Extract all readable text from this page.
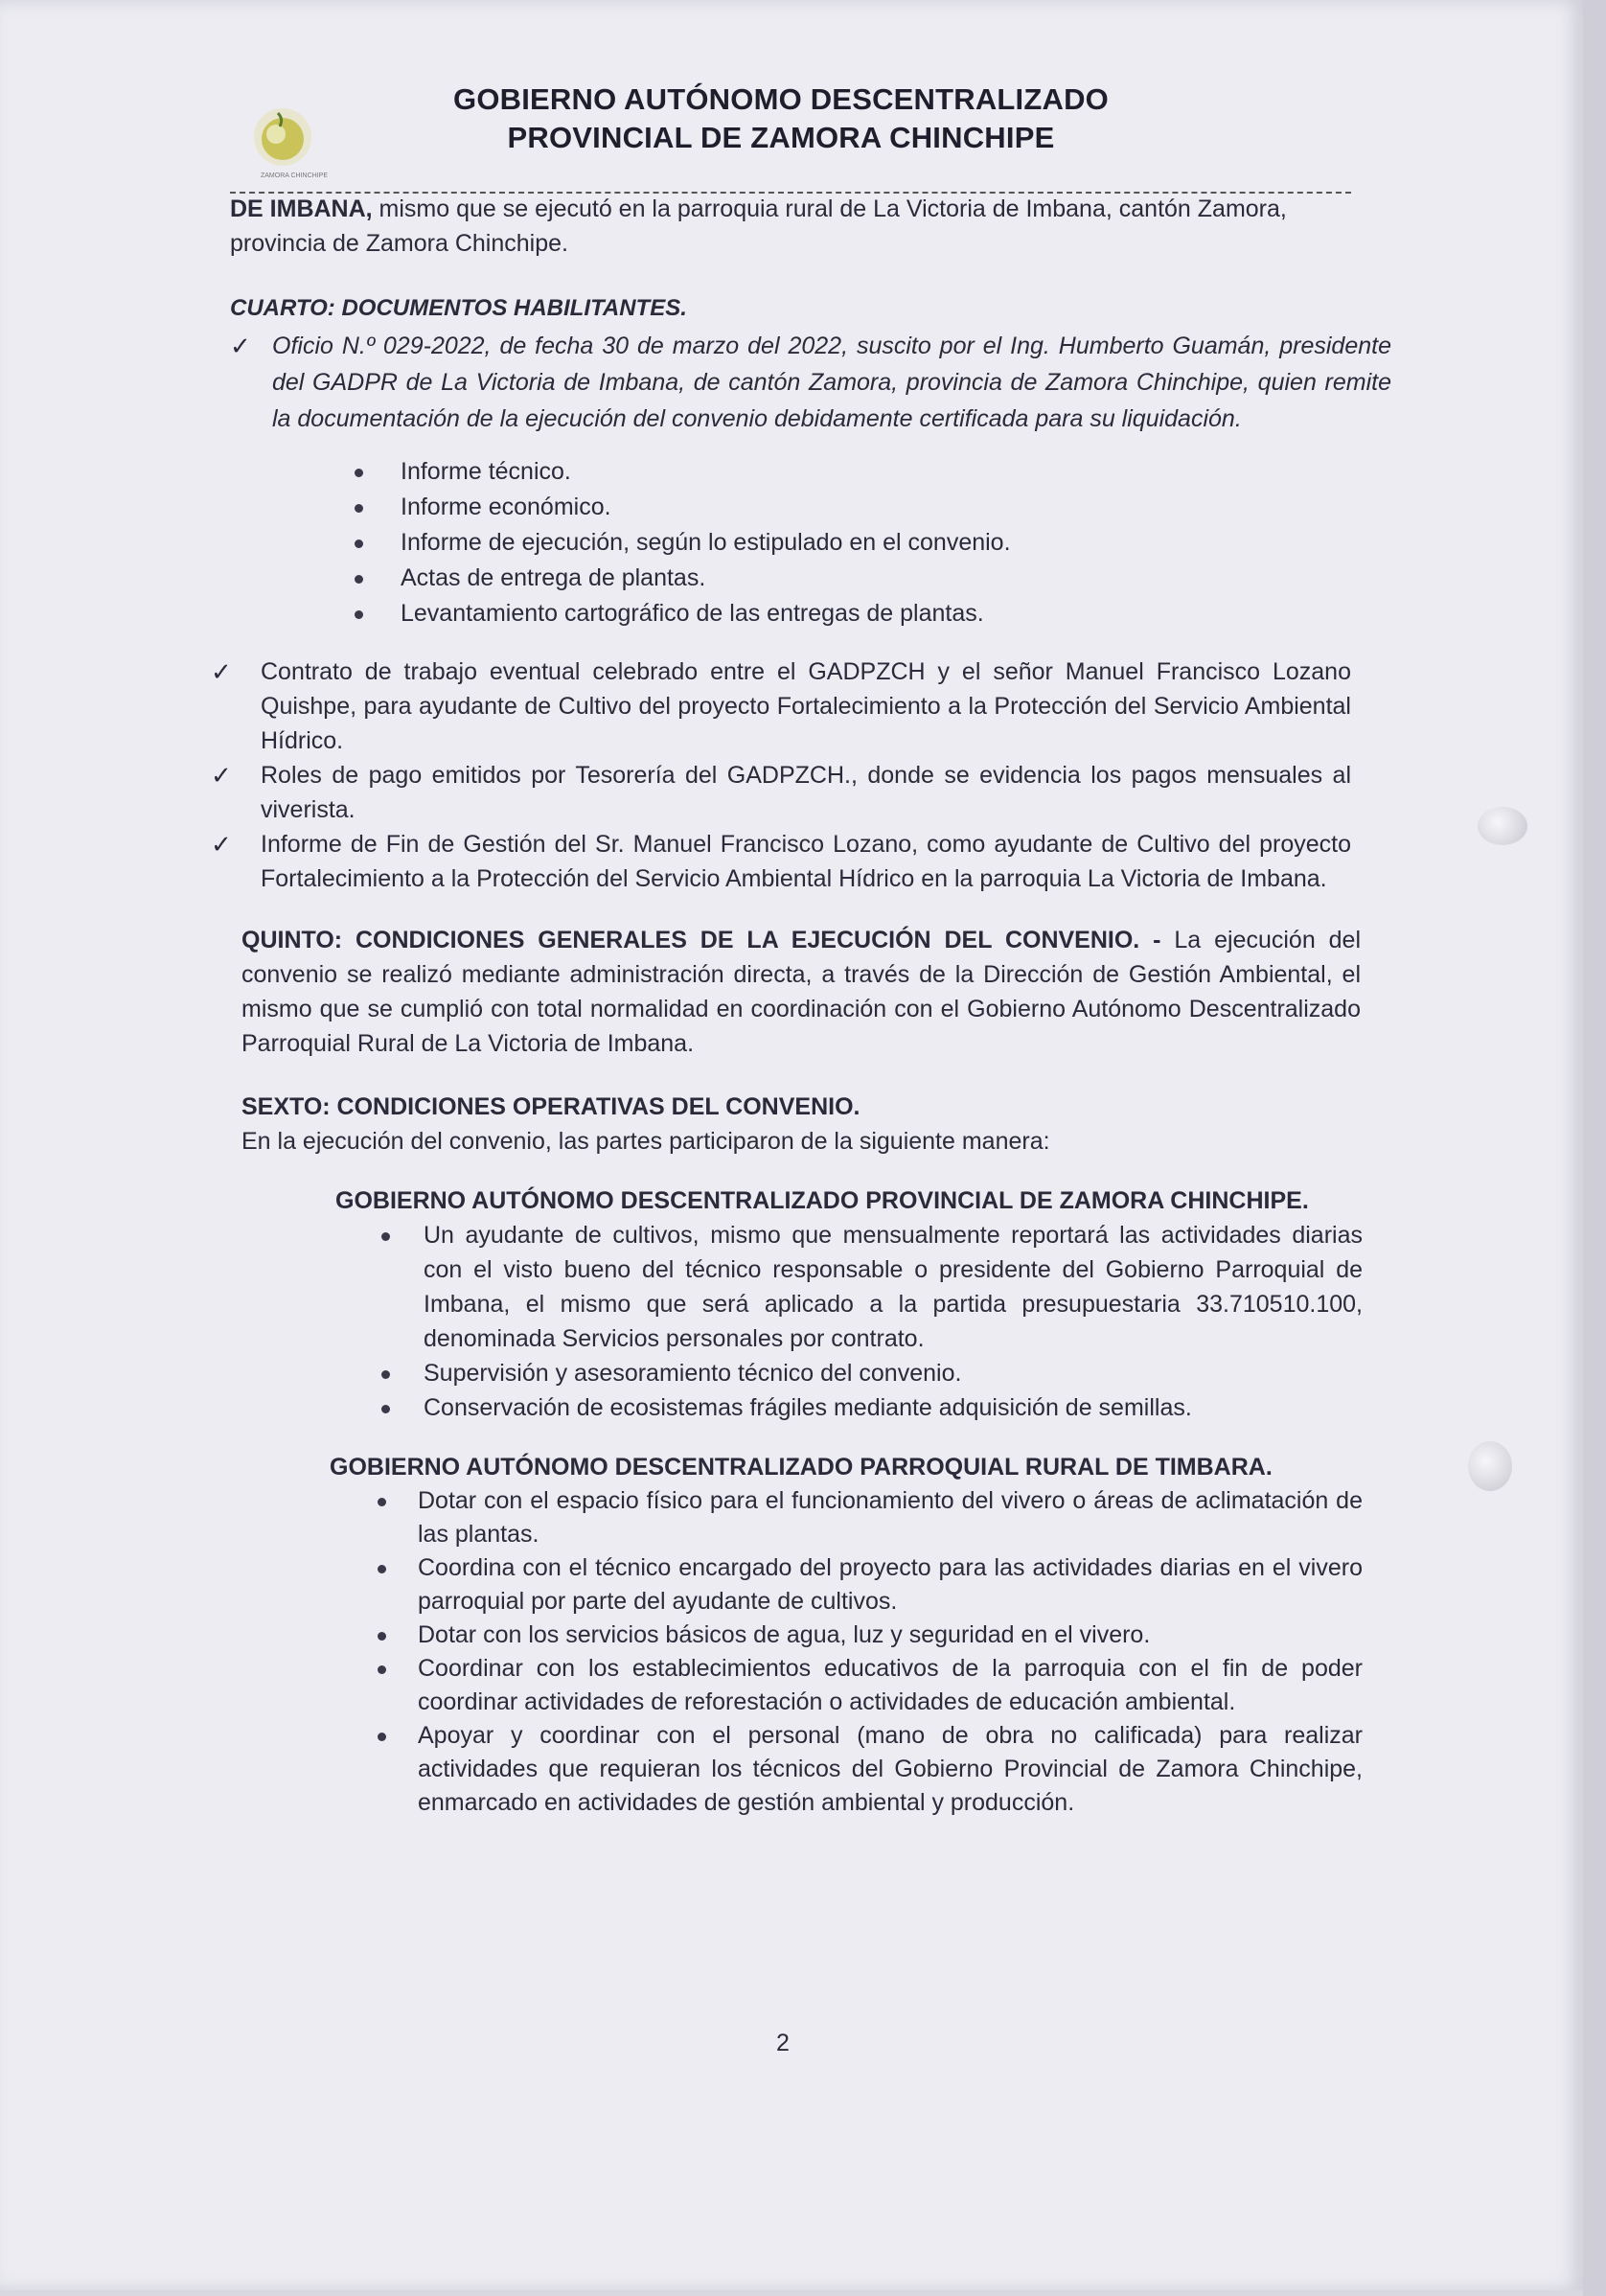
ZAMORA CHINCHIPE
GOBIERNO AUTÓNOMO DESCENTRALIZADO
PROVINCIAL DE ZAMORA CHINCHIPE

DE IMBANA, mismo que se ejecutó en la parroquia rural de La Victoria de Imbana, cantón Zamora,
provincia de Zamora Chinchipe.

CUARTO: DOCUMENTOS HABILITANTES.

✓ Oficio N.º 029-2022, de fecha 30 de marzo del 2022, suscito por el Ing. Humberto Guamán, presidente del GADPR de La Victoria de Imbana, de cantón Zamora, provincia de Zamora Chinchipe, quien remite la documentación de la ejecución del convenio debidamente certificada para su liquidación.
Informe técnico.
Informe económico.
Informe de ejecución, según lo estipulado en el convenio.
Actas de entrega de plantas.
Levantamiento cartográfico de las entregas de plantas.
✓ Contrato de trabajo eventual celebrado entre el GADPZCH y el señor Manuel Francisco Lozano Quishpe, para ayudante de Cultivo del proyecto Fortalecimiento a la Protección del Servicio Ambiental Hídrico.
✓ Roles de pago emitidos por Tesorería del GADPZCH., donde se evidencia los pagos mensuales al viverista.
✓ Informe de Fin de Gestión del Sr. Manuel Francisco Lozano, como ayudante de Cultivo del proyecto Fortalecimiento a la Protección del Servicio Ambiental Hídrico en la parroquia La Victoria de Imbana.

QUINTO: CONDICIONES GENERALES DE LA EJECUCIÓN DEL CONVENIO. - La ejecución del convenio se realizó mediante administración directa, a través de la Dirección de Gestión Ambiental, el mismo que se cumplió con total normalidad en coordinación con el Gobierno Autónomo Descentralizado Parroquial Rural de La Victoria de Imbana.

SEXTO: CONDICIONES OPERATIVAS DEL CONVENIO.

En la ejecución del convenio, las partes participaron de la siguiente manera:

GOBIERNO AUTÓNOMO DESCENTRALIZADO PROVINCIAL DE ZAMORA CHINCHIPE.

Un ayudante de cultivos, mismo que mensualmente reportará las actividades diarias con el visto bueno del técnico responsable o presidente del Gobierno Parroquial de Imbana, el mismo que será aplicado a la partida presupuestaria 33.710510.100, denominada Servicios personales por contrato.
Supervisión y asesoramiento técnico del convenio.
Conservación de ecosistemas frágiles mediante adquisición de semillas.

GOBIERNO AUTÓNOMO DESCENTRALIZADO PARROQUIAL RURAL DE TIMBARA.

Dotar con el espacio físico para el funcionamiento del vivero o áreas de aclimatación de las plantas.
Coordina con el técnico encargado del proyecto para las actividades diarias en el vivero parroquial por parte del ayudante de cultivos.
Dotar con los servicios básicos de agua, luz y seguridad en el vivero.
Coordinar con los establecimientos educativos de la parroquia con el fin de poder coordinar actividades de reforestación o actividades de educación ambiental.
Apoyar y coordinar con el personal (mano de obra no calificada) para realizar actividades que requieran los técnicos del Gobierno Provincial de Zamora Chinchipe, enmarcado en actividades de gestión ambiental y producción.
2
